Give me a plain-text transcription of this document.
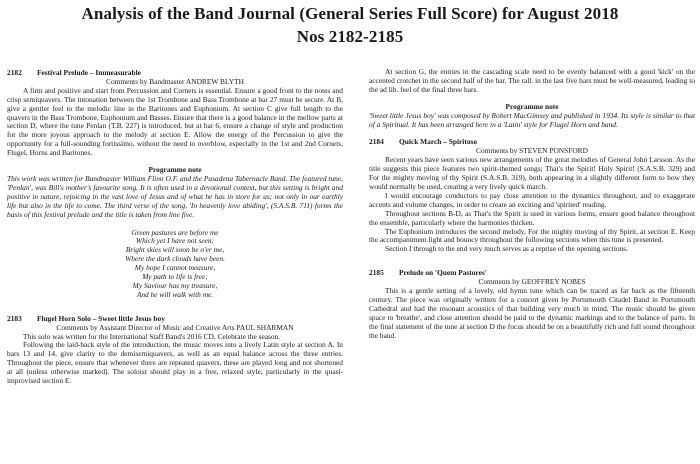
Analysis of the Band Journal (General Series Full Score) for August 2018
Nos 2182-2185
2182	Festival Prelude – Immeasurable

Comments by Bandmaster ANDREW BLYTH

A firm and positive and start from Percussion and Cornets is essential. Ensure a good front to the notes and crisp semiquavers. The intonation between the 1st Trombone and Bass Trombone at bar 27 must be secure. At B, give a gentler feel to the melodic line in the Baritones and Euphonium. At section C give full length to the quavers in the Bass Trombone, Euphonium and Basses. Ensure that there is a good balance in the mellow parts at section D, where the tune Penlan (T.B. 227) is introduced, but at bar 6, ensure a change of style and production for the more joyous approach to the melody at section E. Allow the energy of the Percussion to give the opportunity for a full-sounding fortissimo, without the need to overblow, especially in the 1st and 2nd Cornets, Flugel, Horns and Baritones.

Programme note

This work was written for Bandmaster William Flinn O.F. and the Pasadena Tabernacle Band. The featured tune, 'Penlan', was Bill's mother's favourite song. It is often used in a devotional context, but this setting is bright and positive in nature, rejoicing in the vast love of Jesus and of what he has in store for us; not only in our earthly life but also in the life to come. The third verse of the song, 'In heavenly love abiding', (S.A.S.B. 711) forms the basis of this festival prelude and the title is taken from line five.

Green pastures are before me

Which yet I have not seen;

Bright skies will soon be o'er me,

Where the dark clouds have been.

My hope I cannot measure,

My path to life is free;

My Saviour has my treasure,

And he will walk with me.

2183	Flugel Horn Solo – Sweet little Jesus boy

Comments by Assistant Director of Music and Creative Arts PAUL SHARMAN

This solo was written for the International Staff Band's 2016 CD, Celebrate the season.

Following the laid-back style of the introduction, the music moves into a lively Latin style at section A. In bars 13 and 14, give clarity to the demisemiquavers, as well as an equal balance across the three entries. Throughout the piece, ensure that whenever there are repeated quavers, these are played long and not shortened at all (unless otherwise marked). The soloist should play in a free, relaxed style, particularly in the quasi-improvised section E.

At section G, the entries in the cascading scale need to be evenly balanced with a good 'kick' on the accented crotchet in the second half of the bar. The rall. in the last five bars must be well-measured, leading to the ad lib. feel of the final three bars.

Programme note

'Sweet little Jesus boy' was composed by Robert MacGimsey and published in 1934. Its style is similar to that of a Spiritual. It has been arranged here in a 'Latin' style for Flugel Horn and band.

2184	Quick March – Spiritoso

Comments by STEVEN PONSFORD

Recent years have seen various new arrangements of the great melodies of General John Larsson. As the title suggests this piece features two spirit-themed songs; That's the Spirit! Holy Spirit! (S.A.S.B. 329) and For the mighty moving of thy Spirit (S.A.S.B. 319), both appearing in a slightly different form to how they would normally be used, creating a very lively quick march.

I would encourage conductors to pay close attention to the dynamics throughout, and to exaggerate accents and volume changes, in order to create an exciting and 'spirited' reading.

Throughout sections B-D, as That's the Spirit is used in various forms, ensure good balance throughout the ensemble, particularly where the harmonies thicken.

The Euphonium introduces the second melody, For the mighty moving of thy Spirit, at section E. Keep the accompaniment light and bouncy throughout the following sections when this tune is presented.

Section I through to the end very much serves as a reprise of the opening sections.

2185	Prelude on 'Quem Pastores'

Comments by GEOFFREY NOBES

This is a gentle setting of a lovely, old hymn tune which can be traced as far back as the fifteenth century. The piece was originally written for a concert given by Portsmouth Citadel Band in Portsmouth Cathedral and had the resonant acoustics of that building very much in mind. The music should be given space to 'breathe', and close attention should be paid to the dynamic markings and to the balance of parts. In the final statement of the tune at section D the focus should be on a beautifully rich and full sound throughout the band.
